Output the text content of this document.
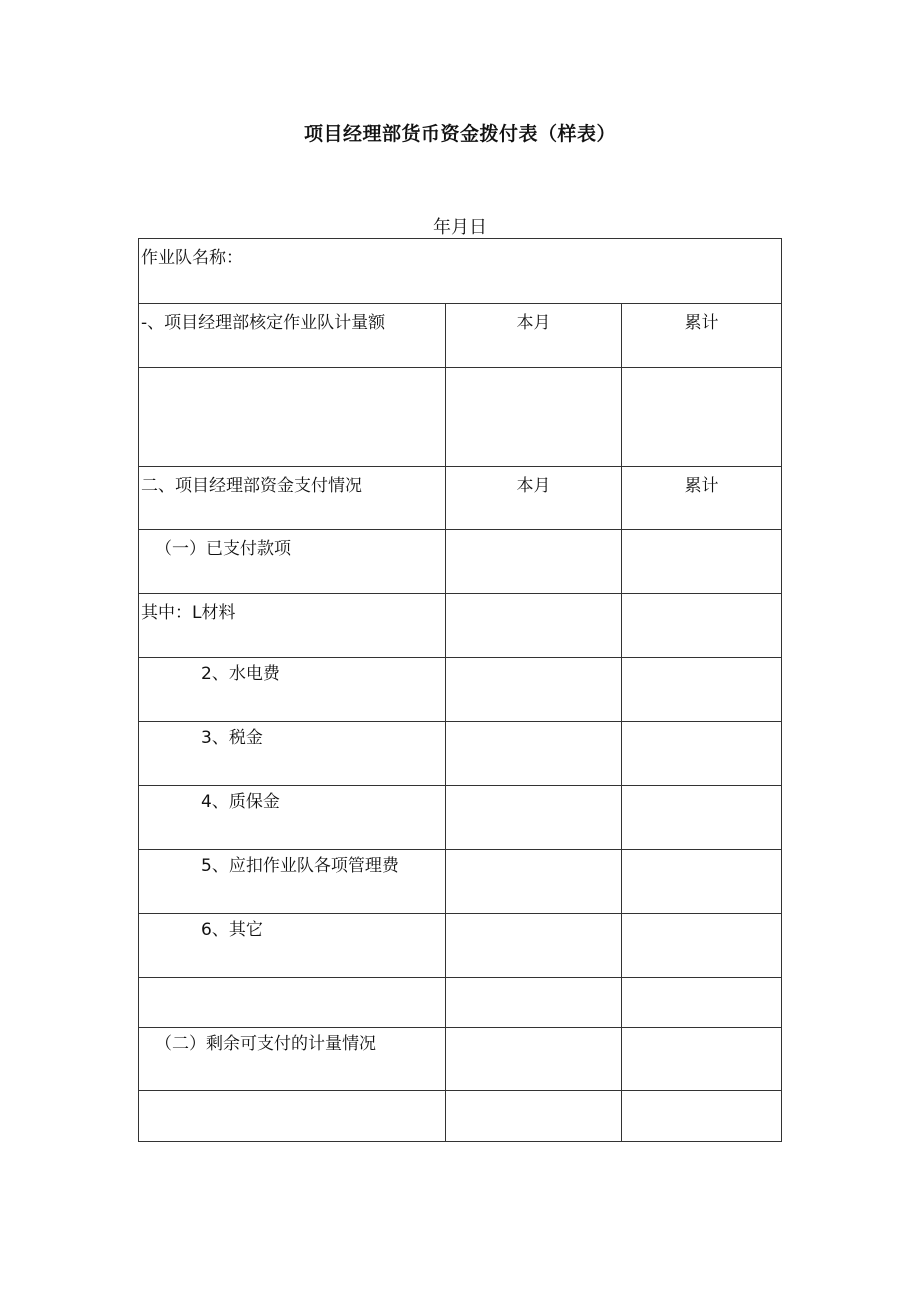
项目经理部货币资金拨付表（样表）
年月日
作业队名称：		

-、项目经理部核定作业队计量额	本月	累计

二、项目经理部资金支付情况	本月	累计

（一）已支付款项		

其中：L材料		

2、水电费		

3、税金		

4、质保金		

5、应扣作业队各项管理费		

6、其它		

（二）剩余可支付的计量情况		
